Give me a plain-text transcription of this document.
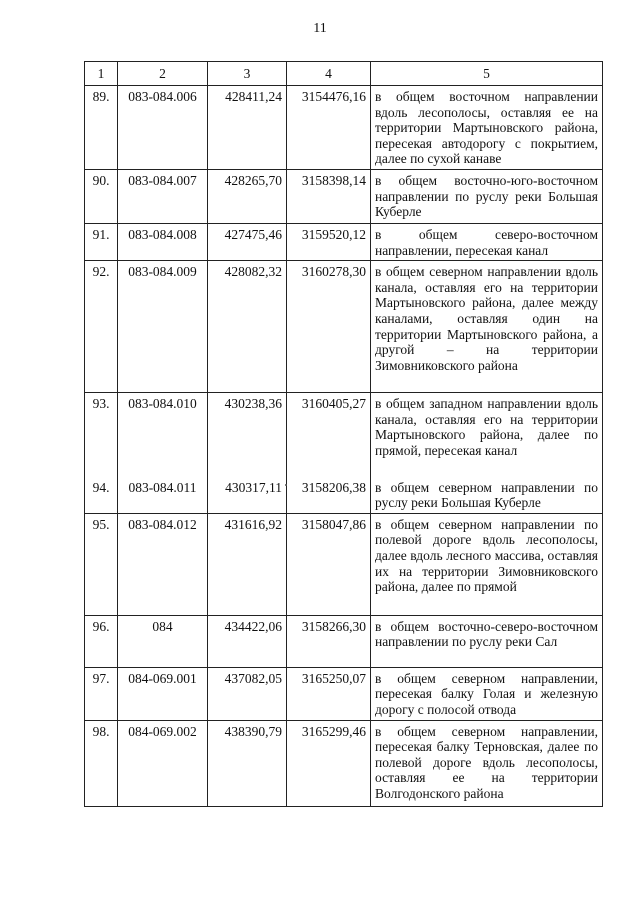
11
1	2	3	4	5
89.	083-084.006	428411,24	3154476,16	в общем восточном направлении вдоль лесополосы, оставляя ее на территории Мартыновского района, пересекая автодорогу с покрытием, далее по сухой канаве
90.	083-084.007	428265,70	3158398,14	в общем восточно-юго-восточном направлении по руслу реки Большая Куберле
91.	083-084.008	427475,46	3159520,12	в общем северо-восточном направлении, пересекая канал
92.	083-084.009	428082,32	3160278,30	в общем северном направлении вдоль канала, оставляя его на территории Мартыновского района, далее между каналами, оставляя один на территории Мартыновского района, а другой – на территории Зимовниковского района
93.	083-084.010	430238,36	3160405,27	в общем западном направлении вдоль канала, оставляя его на территории Мартыновского района, далее по прямой, пересекая канал
94.	083-084.011	430317,11	3158206,38	в общем северном направлении по руслу реки Большая Куберле
95.	083-084.012	431616,92	3158047,86	в общем северном направлении по полевой дороге вдоль лесополосы, далее вдоль лесного массива, оставляя их на территории Зимовниковского района, далее по прямой
96.	084	434422,06	3158266,30	в общем восточно-северо-восточном направлении по руслу реки Сал
97.	084-069.001	437082,05	3165250,07	в общем северном направлении, пересекая балку Голая и железную дорогу с полосой отвода
98.	084-069.002	438390,79	3165299,46	в общем северном направлении, пересекая балку Терновская, далее по полевой дороге вдоль лесополосы, оставляя ее на территории Волгодонского района
